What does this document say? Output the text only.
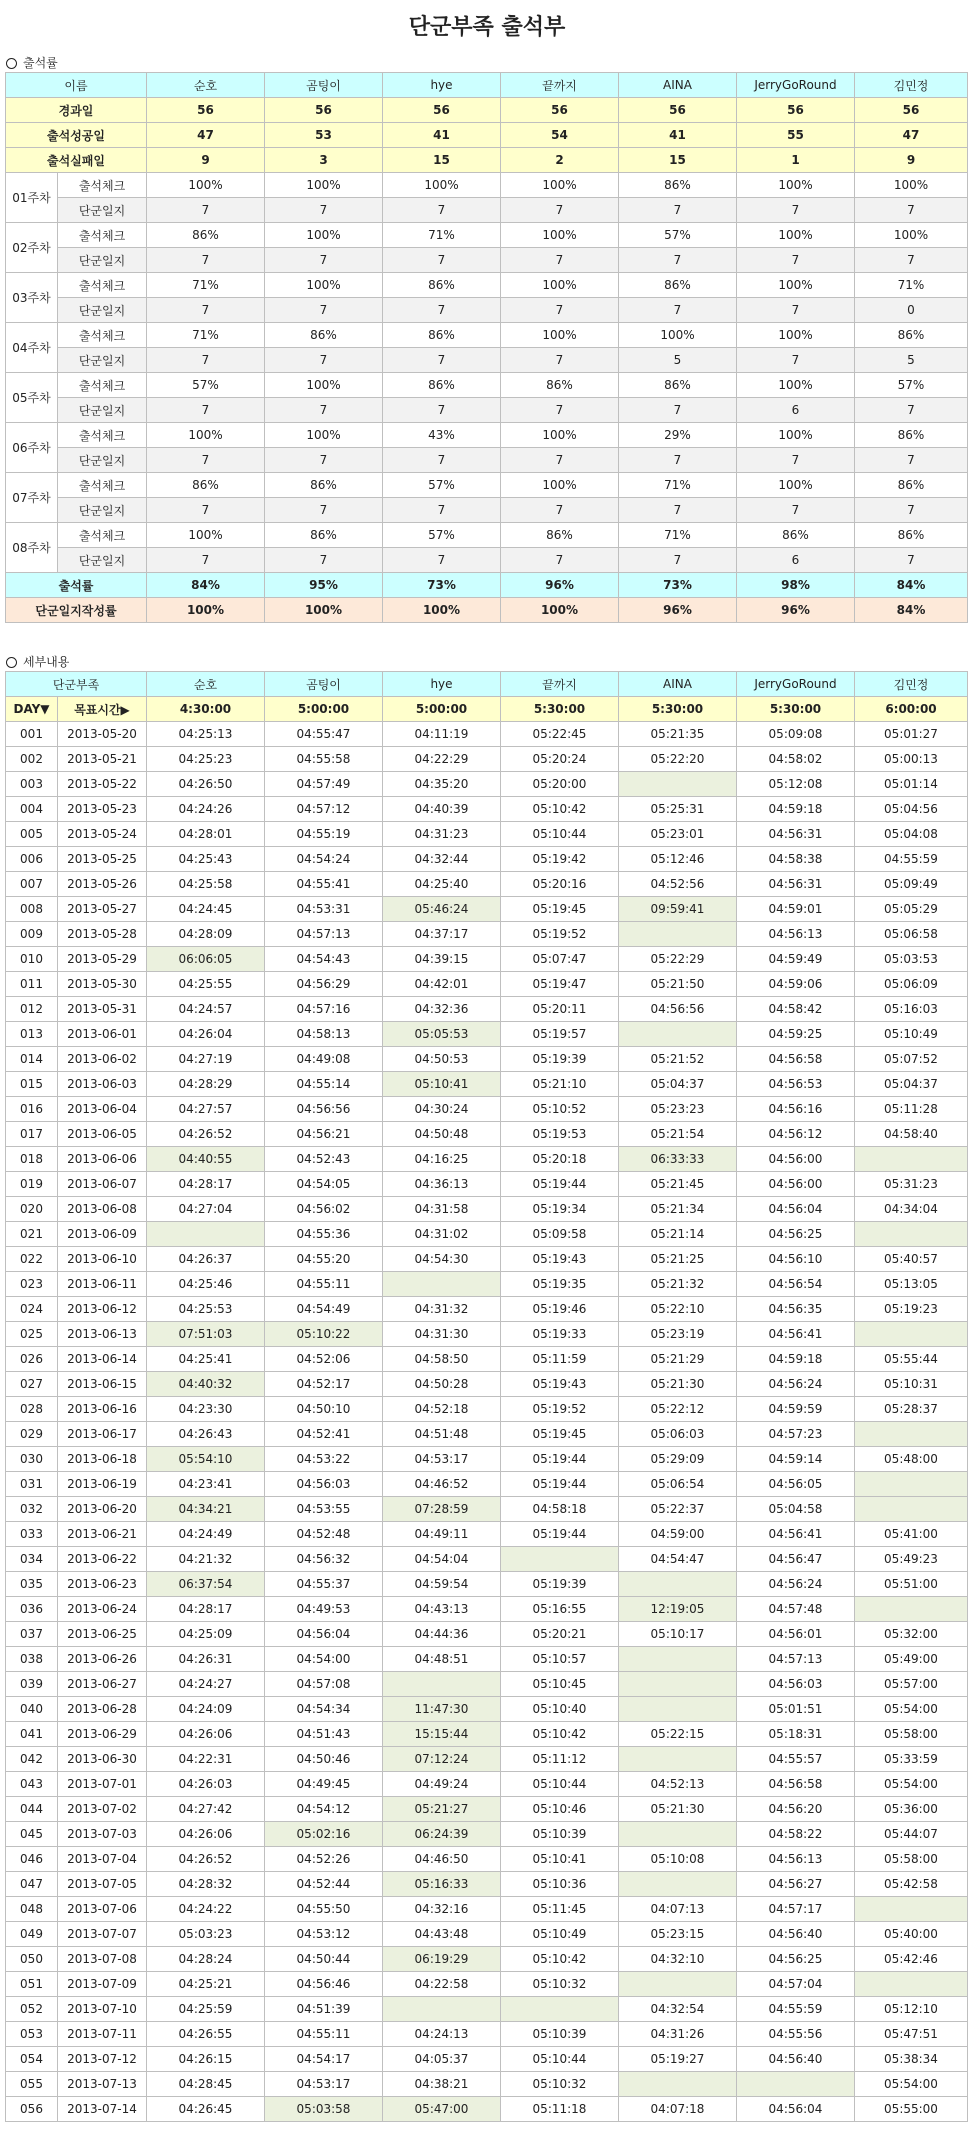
단군부족 출석부
출석률
이름		순호	곰팅이	hye	끝까지	AINA	JerryGoRound	김민정
경과일		56	56	56	56	56	56	56
출석성공일		47	53	41	54	41	55	47
출석실패일		9	3	15	2	15	1	9
01주차	출석체크	100%	100%	100%	100%	86%	100%	100%
	단군일지	7	7	7	7	7	7	7
02주차	출석체크	86%	100%	71%	100%	57%	100%	100%
	단군일지	7	7	7	7	7	7	7
03주차	출석체크	71%	100%	86%	100%	86%	100%	71%
	단군일지	7	7	7	7	7	7	0
04주차	출석체크	71%	86%	86%	100%	100%	100%	86%
	단군일지	7	7	7	7	5	7	5
05주차	출석체크	57%	100%	86%	86%	86%	100%	57%
	단군일지	7	7	7	7	7	6	7
06주차	출석체크	100%	100%	43%	100%	29%	100%	86%
	단군일지	7	7	7	7	7	7	7
07주차	출석체크	86%	86%	57%	100%	71%	100%	86%
	단군일지	7	7	7	7	7	7	7
08주차	출석체크	100%	86%	57%	86%	71%	86%	86%
	단군일지	7	7	7	7	7	6	7
출석률		84%	95%	73%	96%	73%	98%	84%
단군일지작성률		100%	100%	100%	100%	96%	96%	84%
세부내용
단군부족		순호	곰팅이	hye	끝까지	AINA	JerryGoRound	김민정
DAY▼	목표시간▶	4:30:00	5:00:00	5:00:00	5:30:00	5:30:00	5:30:00	6:00:00
001	2013-05-20	04:25:13	04:55:47	04:11:19	05:22:45	05:21:35	05:09:08	05:01:27
002	2013-05-21	04:25:23	04:55:58	04:22:29	05:20:24	05:22:20	04:58:02	05:00:13
003	2013-05-22	04:26:50	04:57:49	04:35:20	05:20:00		05:12:08	05:01:14
004	2013-05-23	04:24:26	04:57:12	04:40:39	05:10:42	05:25:31	04:59:18	05:04:56
005	2013-05-24	04:28:01	04:55:19	04:31:23	05:10:44	05:23:01	04:56:31	05:04:08
006	2013-05-25	04:25:43	04:54:24	04:32:44	05:19:42	05:12:46	04:58:38	04:55:59
007	2013-05-26	04:25:58	04:55:41	04:25:40	05:20:16	04:52:56	04:56:31	05:09:49
008	2013-05-27	04:24:45	04:53:31	05:46:24	05:19:45	09:59:41	04:59:01	05:05:29
009	2013-05-28	04:28:09	04:57:13	04:37:17	05:19:52		04:56:13	05:06:58
010	2013-05-29	06:06:05	04:54:43	04:39:15	05:07:47	05:22:29	04:59:49	05:03:53
011	2013-05-30	04:25:55	04:56:29	04:42:01	05:19:47	05:21:50	04:59:06	05:06:09
012	2013-05-31	04:24:57	04:57:16	04:32:36	05:20:11	04:56:56	04:58:42	05:16:03
013	2013-06-01	04:26:04	04:58:13	05:05:53	05:19:57		04:59:25	05:10:49
014	2013-06-02	04:27:19	04:49:08	04:50:53	05:19:39	05:21:52	04:56:58	05:07:52
015	2013-06-03	04:28:29	04:55:14	05:10:41	05:21:10	05:04:37	04:56:53	05:04:37
016	2013-06-04	04:27:57	04:56:56	04:30:24	05:10:52	05:23:23	04:56:16	05:11:28
017	2013-06-05	04:26:52	04:56:21	04:50:48	05:19:53	05:21:54	04:56:12	04:58:40
018	2013-06-06	04:40:55	04:52:43	04:16:25	05:20:18	06:33:33	04:56:00	
019	2013-06-07	04:28:17	04:54:05	04:36:13	05:19:44	05:21:45	04:56:00	05:31:23
020	2013-06-08	04:27:04	04:56:02	04:31:58	05:19:34	05:21:34	04:56:04	04:34:04
021	2013-06-09		04:55:36	04:31:02	05:09:58	05:21:14	04:56:25	
022	2013-06-10	04:26:37	04:55:20	04:54:30	05:19:43	05:21:25	04:56:10	05:40:57
023	2013-06-11	04:25:46	04:55:11		05:19:35	05:21:32	04:56:54	05:13:05
024	2013-06-12	04:25:53	04:54:49	04:31:32	05:19:46	05:22:10	04:56:35	05:19:23
025	2013-06-13	07:51:03	05:10:22	04:31:30	05:19:33	05:23:19	04:56:41	
026	2013-06-14	04:25:41	04:52:06	04:58:50	05:11:59	05:21:29	04:59:18	05:55:44
027	2013-06-15	04:40:32	04:52:17	04:50:28	05:19:43	05:21:30	04:56:24	05:10:31
028	2013-06-16	04:23:30	04:50:10	04:52:18	05:19:52	05:22:12	04:59:59	05:28:37
029	2013-06-17	04:26:43	04:52:41	04:51:48	05:19:45	05:06:03	04:57:23	
030	2013-06-18	05:54:10	04:53:22	04:53:17	05:19:44	05:29:09	04:59:14	05:48:00
031	2013-06-19	04:23:41	04:56:03	04:46:52	05:19:44	05:06:54	04:56:05	
032	2013-06-20	04:34:21	04:53:55	07:28:59	04:58:18	05:22:37	05:04:58	
033	2013-06-21	04:24:49	04:52:48	04:49:11	05:19:44	04:59:00	04:56:41	05:41:00
034	2013-06-22	04:21:32	04:56:32	04:54:04		04:54:47	04:56:47	05:49:23
035	2013-06-23	06:37:54	04:55:37	04:59:54	05:19:39		04:56:24	05:51:00
036	2013-06-24	04:28:17	04:49:53	04:43:13	05:16:55	12:19:05	04:57:48	
037	2013-06-25	04:25:09	04:56:04	04:44:36	05:20:21	05:10:17	04:56:01	05:32:00
038	2013-06-26	04:26:31	04:54:00	04:48:51	05:10:57		04:57:13	05:49:00
039	2013-06-27	04:24:27	04:57:08		05:10:45		04:56:03	05:57:00
040	2013-06-28	04:24:09	04:54:34	11:47:30	05:10:40		05:01:51	05:54:00
041	2013-06-29	04:26:06	04:51:43	15:15:44	05:10:42	05:22:15	05:18:31	05:58:00
042	2013-06-30	04:22:31	04:50:46	07:12:24	05:11:12		04:55:57	05:33:59
043	2013-07-01	04:26:03	04:49:45	04:49:24	05:10:44	04:52:13	04:56:58	05:54:00
044	2013-07-02	04:27:42	04:54:12	05:21:27	05:10:46	05:21:30	04:56:20	05:36:00
045	2013-07-03	04:26:06	05:02:16	06:24:39	05:10:39		04:58:22	05:44:07
046	2013-07-04	04:26:52	04:52:26	04:46:50	05:10:41	05:10:08	04:56:13	05:58:00
047	2013-07-05	04:28:32	04:52:44	05:16:33	05:10:36		04:56:27	05:42:58
048	2013-07-06	04:24:22	04:55:50	04:32:16	05:11:45	04:07:13	04:57:17	
049	2013-07-07	05:03:23	04:53:12	04:43:48	05:10:49	05:23:15	04:56:40	05:40:00
050	2013-07-08	04:28:24	04:50:44	06:19:29	05:10:42	04:32:10	04:56:25	05:42:46
051	2013-07-09	04:25:21	04:56:46	04:22:58	05:10:32		04:57:04	
052	2013-07-10	04:25:59	04:51:39			04:32:54	04:55:59	05:12:10
053	2013-07-11	04:26:55	04:55:11	04:24:13	05:10:39	04:31:26	04:55:56	05:47:51
054	2013-07-12	04:26:15	04:54:17	04:05:37	05:10:44	05:19:27	04:56:40	05:38:34
055	2013-07-13	04:28:45	04:53:17	04:38:21	05:10:32			05:54:00
056	2013-07-14	04:26:45	05:03:58	05:47:00	05:11:18	04:07:18	04:56:04	05:55:00
